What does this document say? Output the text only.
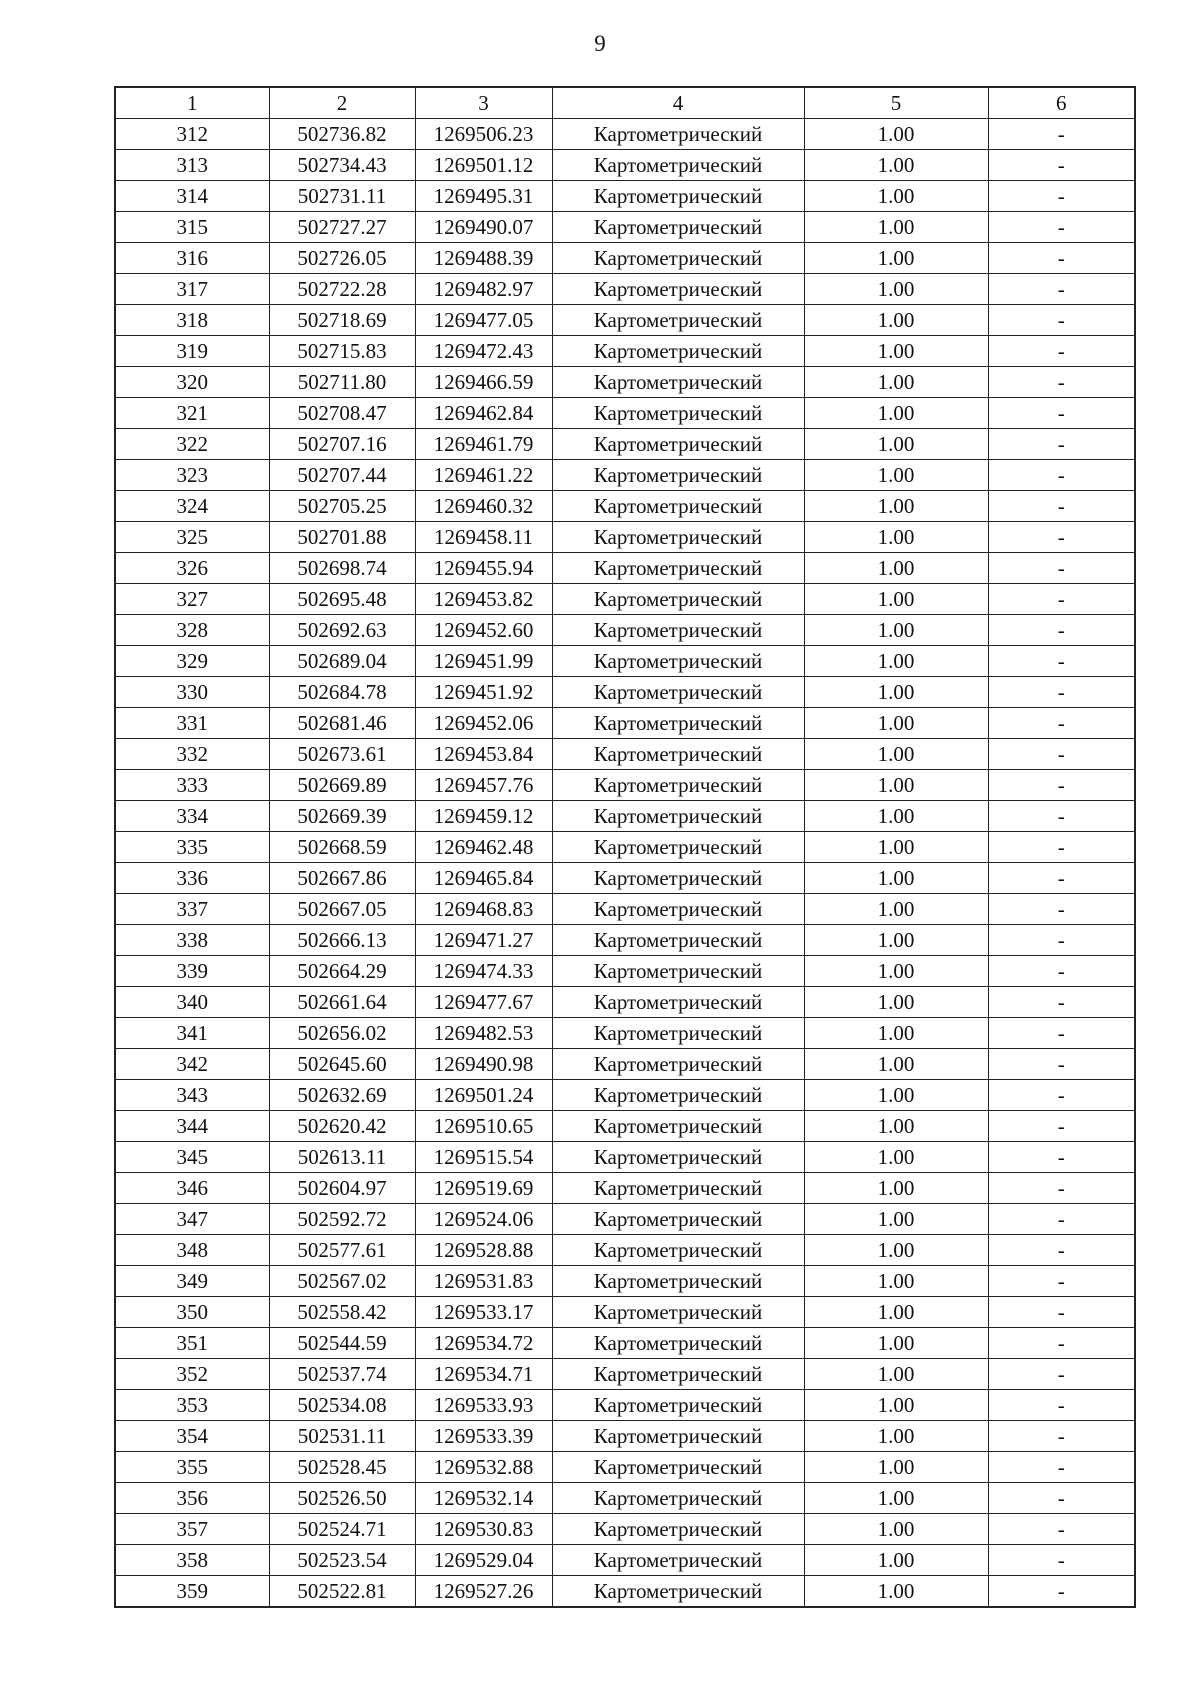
9
1	2	3	4	5	6
312	502736.82	1269506.23	Картометрический	1.00	-
313	502734.43	1269501.12	Картометрический	1.00	-
314	502731.11	1269495.31	Картометрический	1.00	-
315	502727.27	1269490.07	Картометрический	1.00	-
316	502726.05	1269488.39	Картометрический	1.00	-
317	502722.28	1269482.97	Картометрический	1.00	-
318	502718.69	1269477.05	Картометрический	1.00	-
319	502715.83	1269472.43	Картометрический	1.00	-
320	502711.80	1269466.59	Картометрический	1.00	-
321	502708.47	1269462.84	Картометрический	1.00	-
322	502707.16	1269461.79	Картометрический	1.00	-
323	502707.44	1269461.22	Картометрический	1.00	-
324	502705.25	1269460.32	Картометрический	1.00	-
325	502701.88	1269458.11	Картометрический	1.00	-
326	502698.74	1269455.94	Картометрический	1.00	-
327	502695.48	1269453.82	Картометрический	1.00	-
328	502692.63	1269452.60	Картометрический	1.00	-
329	502689.04	1269451.99	Картометрический	1.00	-
330	502684.78	1269451.92	Картометрический	1.00	-
331	502681.46	1269452.06	Картометрический	1.00	-
332	502673.61	1269453.84	Картометрический	1.00	-
333	502669.89	1269457.76	Картометрический	1.00	-
334	502669.39	1269459.12	Картометрический	1.00	-
335	502668.59	1269462.48	Картометрический	1.00	-
336	502667.86	1269465.84	Картометрический	1.00	-
337	502667.05	1269468.83	Картометрический	1.00	-
338	502666.13	1269471.27	Картометрический	1.00	-
339	502664.29	1269474.33	Картометрический	1.00	-
340	502661.64	1269477.67	Картометрический	1.00	-
341	502656.02	1269482.53	Картометрический	1.00	-
342	502645.60	1269490.98	Картометрический	1.00	-
343	502632.69	1269501.24	Картометрический	1.00	-
344	502620.42	1269510.65	Картометрический	1.00	-
345	502613.11	1269515.54	Картометрический	1.00	-
346	502604.97	1269519.69	Картометрический	1.00	-
347	502592.72	1269524.06	Картометрический	1.00	-
348	502577.61	1269528.88	Картометрический	1.00	-
349	502567.02	1269531.83	Картометрический	1.00	-
350	502558.42	1269533.17	Картометрический	1.00	-
351	502544.59	1269534.72	Картометрический	1.00	-
352	502537.74	1269534.71	Картометрический	1.00	-
353	502534.08	1269533.93	Картометрический	1.00	-
354	502531.11	1269533.39	Картометрический	1.00	-
355	502528.45	1269532.88	Картометрический	1.00	-
356	502526.50	1269532.14	Картометрический	1.00	-
357	502524.71	1269530.83	Картометрический	1.00	-
358	502523.54	1269529.04	Картометрический	1.00	-
359	502522.81	1269527.26	Картометрический	1.00	-
